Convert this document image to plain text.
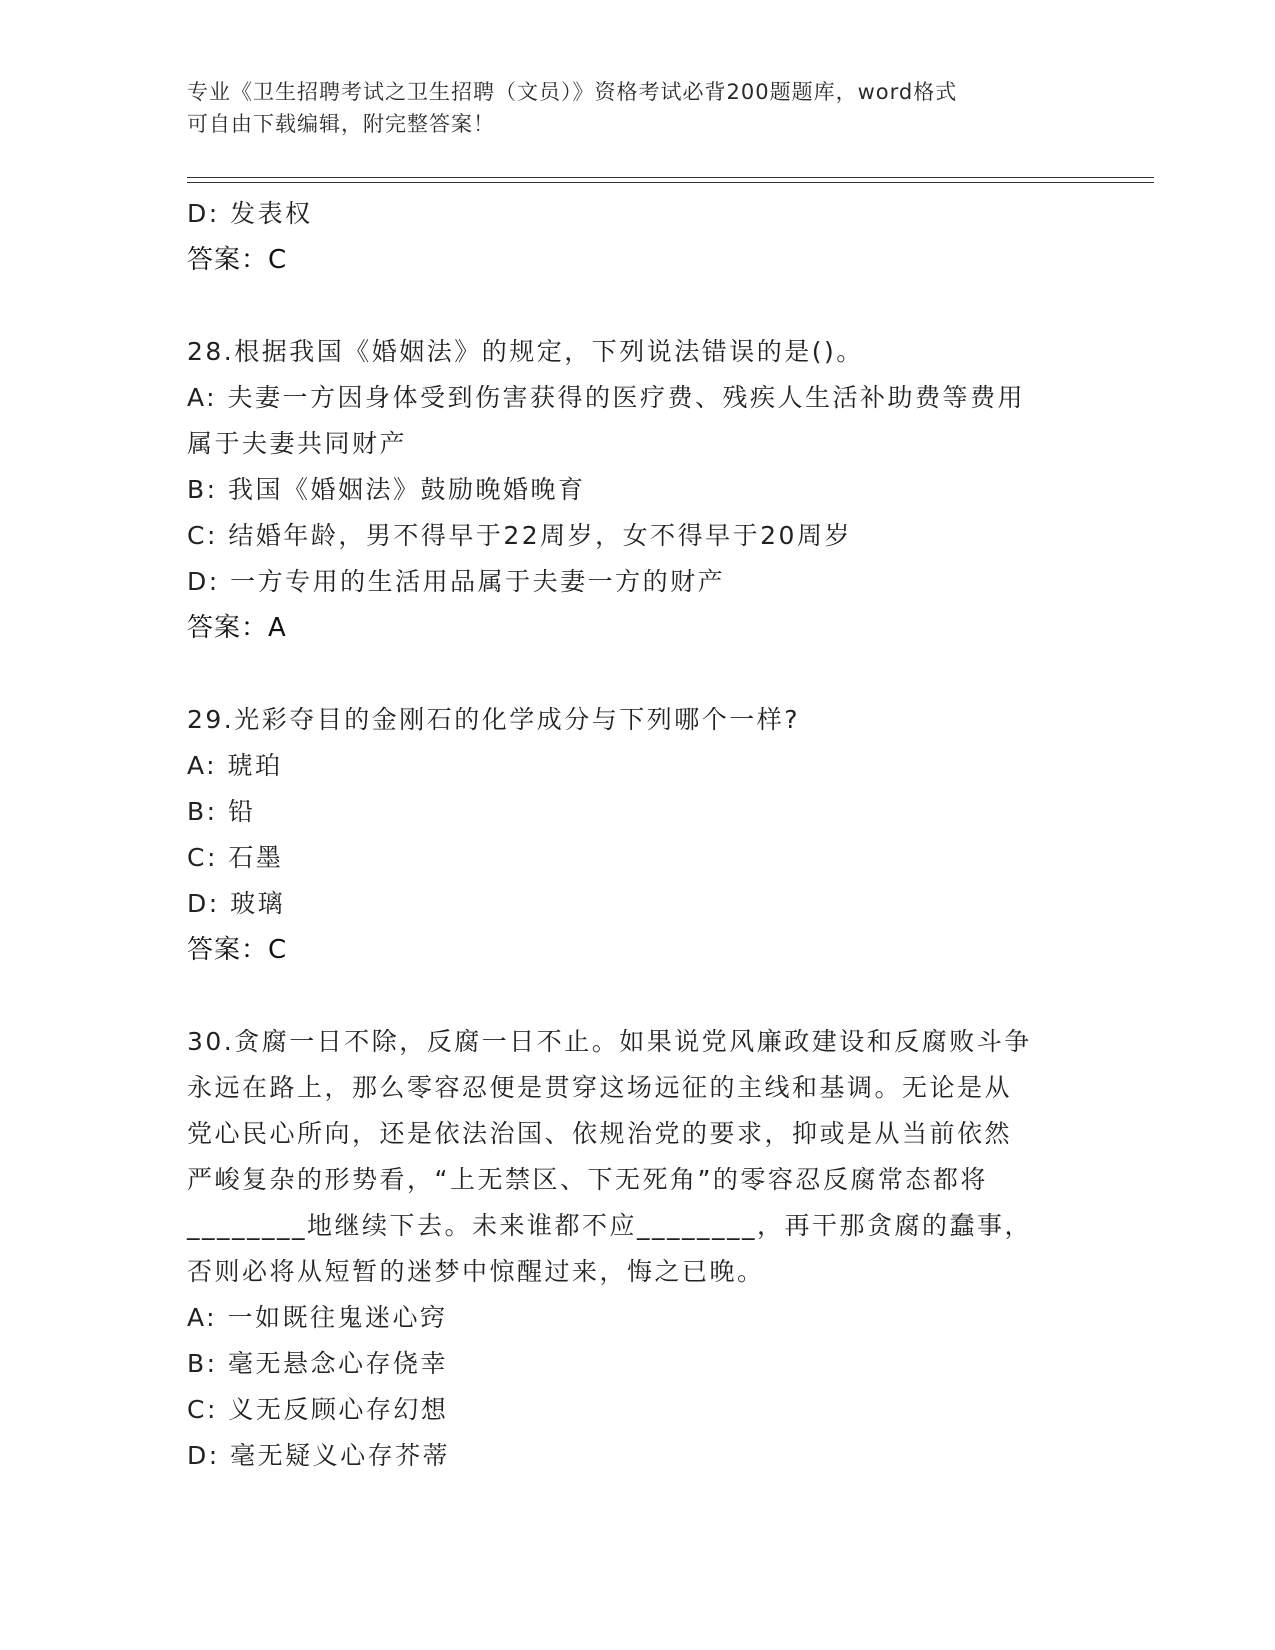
专业《卫生招聘考试之卫生招聘（文员）》资格考试必背200题题库，word格式
可自由下载编辑，附完整答案！
D: 发表权
答案：C
28.根据我国《婚姻法》的规定，下列说法错误的是()。
A: 夫妻一方因身体受到伤害获得的医疗费、残疾人生活补助费等费用
属于夫妻共同财产
B: 我国《婚姻法》鼓励晚婚晚育
C: 结婚年龄，男不得早于22周岁，女不得早于20周岁
D: 一方专用的生活用品属于夫妻一方的财产
答案：A
29.光彩夺目的金刚石的化学成分与下列哪个一样?
A: 琥珀
B: 铅
C: 石墨
D: 玻璃
答案：C
30.贪腐一日不除，反腐一日不止。如果说党风廉政建设和反腐败斗争
永远在路上，那么零容忍便是贯穿这场远征的主线和基调。无论是从
党心民心所向，还是依法治国、依规治党的要求，抑或是从当前依然
严峻复杂的形势看，“上无禁区、下无死角”的零容忍反腐常态都将
________地继续下去。未来谁都不应________，再干那贪腐的蠢事，
否则必将从短暂的迷梦中惊醒过来，悔之已晚。
A: 一如既往鬼迷心窍
B: 毫无悬念心存侥幸
C: 义无反顾心存幻想
D: 毫无疑义心存芥蒂
